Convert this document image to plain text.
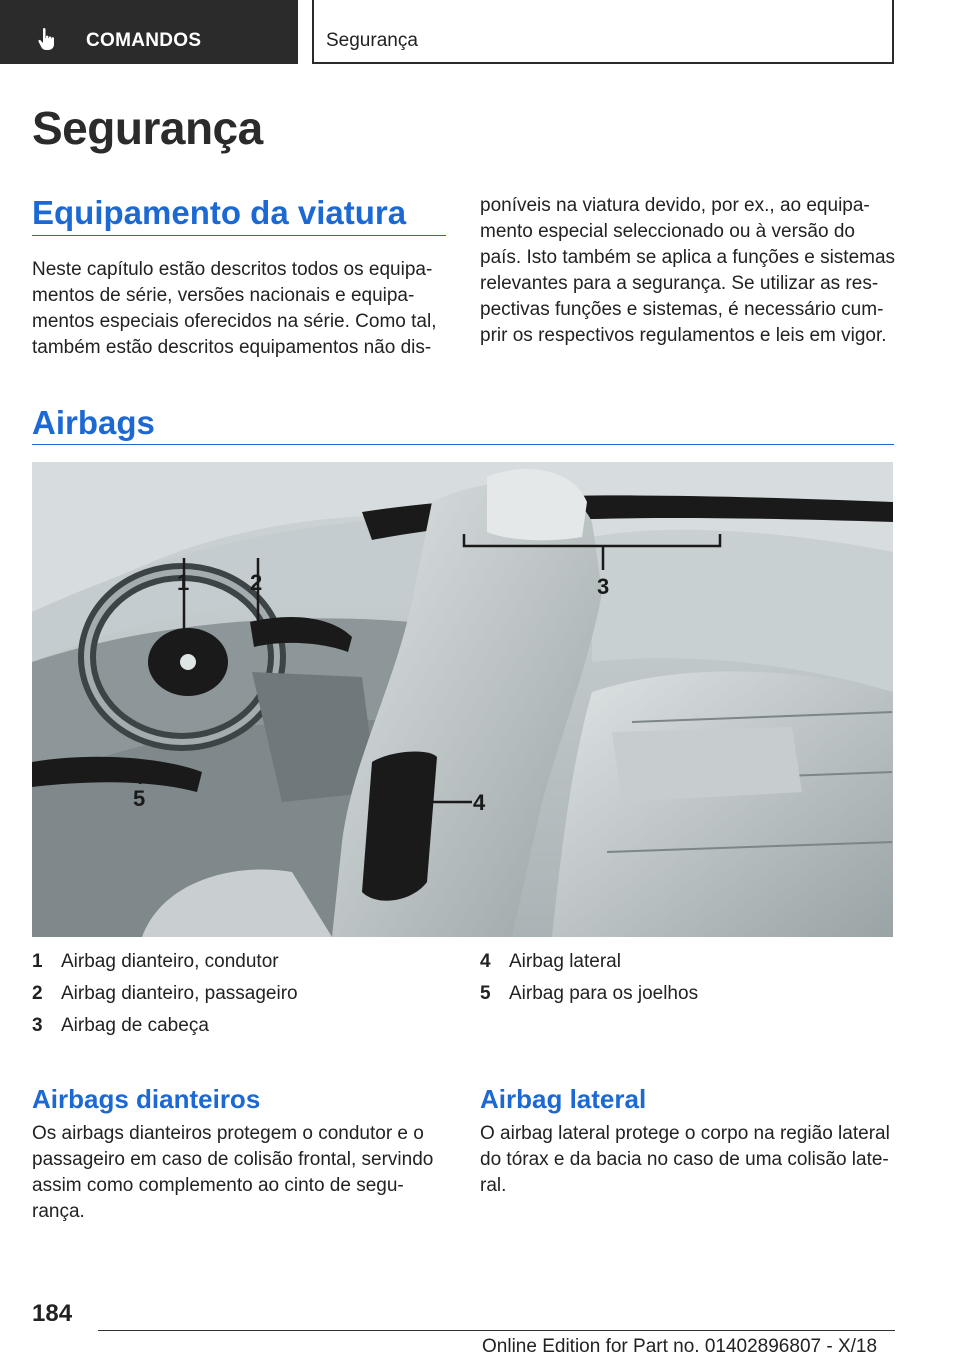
COMANDOS	Segurança
Segurança
Equipamento da viatura
Neste capítulo estão descritos todos os equipa‐
mentos de série, versões nacionais e equipa‐
mentos especiais oferecidos na série. Como tal,
também estão descritos equipamentos não dis‐
poníveis na viatura devido, por ex., ao equipa‐
mento especial seleccionado ou à versão do
país. Isto também se aplica a funções e sistemas
relevantes para a segurança. Se utilizar as res‐
pectivas funções e sistemas, é necessário cum‐
prir os respectivos regulamentos e leis em vigor.
Airbags
1	2	3
4
5
1 Airbag dianteiro, condutor
2 Airbag dianteiro, passageiro
3 Airbag de cabeça
4 Airbag lateral
5 Airbag para os joelhos
Airbags dianteiros
Os airbags dianteiros protegem o condutor e o
passageiro em caso de colisão frontal, servindo
assim como complemento ao cinto de segu‐
rança.
Airbag lateral
O airbag lateral protege o corpo na região lateral
do tórax e da bacia no caso de uma colisão late‐
ral.
184
Online Edition for Part no. 01402896807 - X/18
